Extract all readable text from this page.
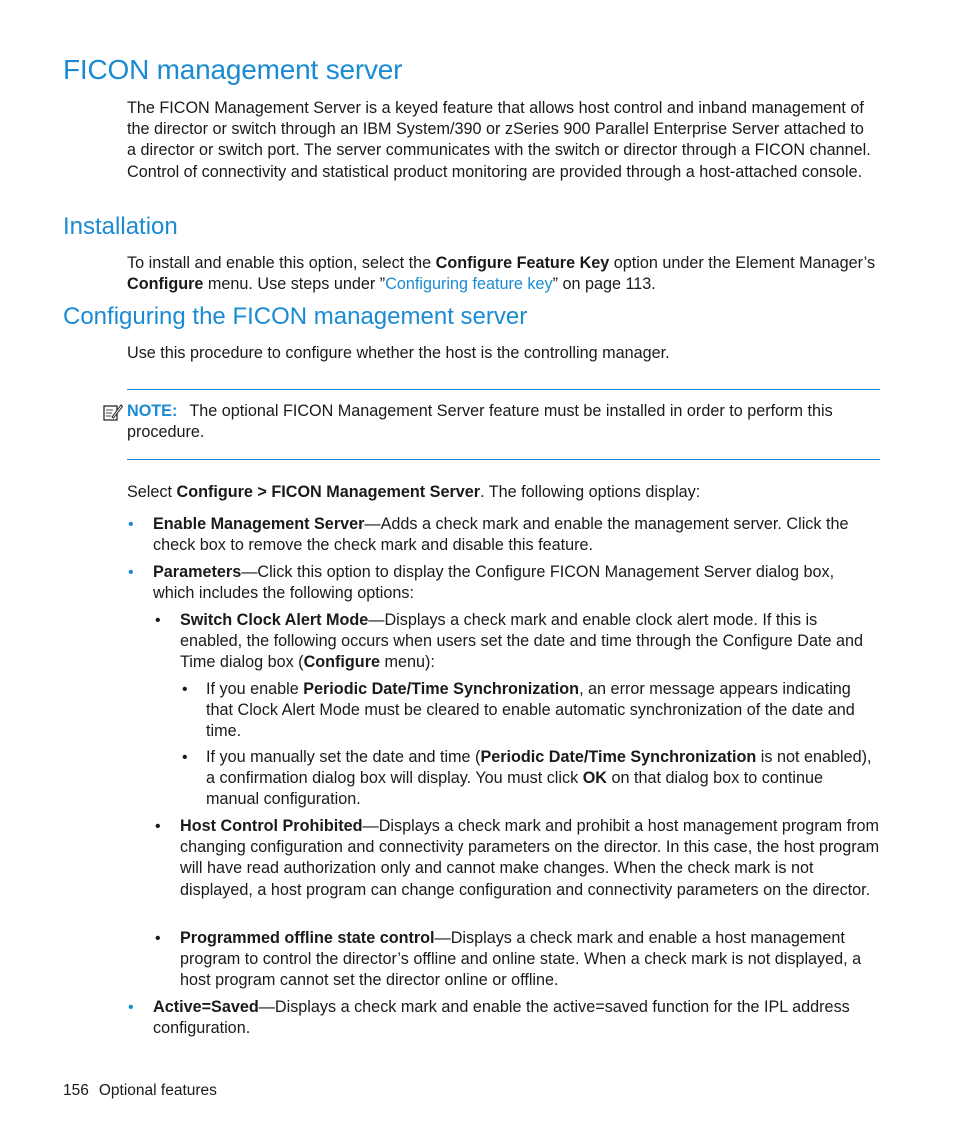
FICON management server

The FICON Management Server is a keyed feature that allows host control and inband management of the director or switch through an IBM System/390 or zSeries 900 Parallel Enterprise Server attached to a director or switch port. The server communicates with the switch or director through a FICON channel. Control of connectivity and statistical product monitoring are provided through a host-attached console.

Installation

To install and enable this option, select the Configure Feature Key option under the Element Manager’s Configure menu. Use steps under ”Configuring feature key” on page 113.

Configuring the FICON management server

Use this procedure to configure whether the host is the controlling manager.

NOTE: The optional FICON Management Server feature must be installed in order to perform this procedure.

Select Configure > FICON Management Server. The following options display:

• Enable Management Server—Adds a check mark and enable the management server. Click the check box to remove the check mark and disable this feature.

• Parameters—Click this option to display the Configure FICON Management Server dialog box, which includes the following options:

• Switch Clock Alert Mode—Displays a check mark and enable clock alert mode. If this is enabled, the following occurs when users set the date and time through the Configure Date and Time dialog box (Configure menu):

• If you enable Periodic Date/Time Synchronization, an error message appears indicating that Clock Alert Mode must be cleared to enable automatic synchronization of the date and time.

• If you manually set the date and time (Periodic Date/Time Synchronization is not enabled), a confirmation dialog box will display. You must click OK on that dialog box to continue manual configuration.

• Host Control Prohibited—Displays a check mark and prohibit a host management program from changing configuration and connectivity parameters on the director. In this case, the host program will have read authorization only and cannot make changes. When the check mark is not displayed, a host program can change configuration and connectivity parameters on the director.

• Programmed offline state control—Displays a check mark and enable a host management program to control the director’s offline and online state. When a check mark is not displayed, a host program cannot set the director online or offline.

• Active=Saved—Displays a check mark and enable the active=saved function for the IPL address configuration.

156 Optional features
